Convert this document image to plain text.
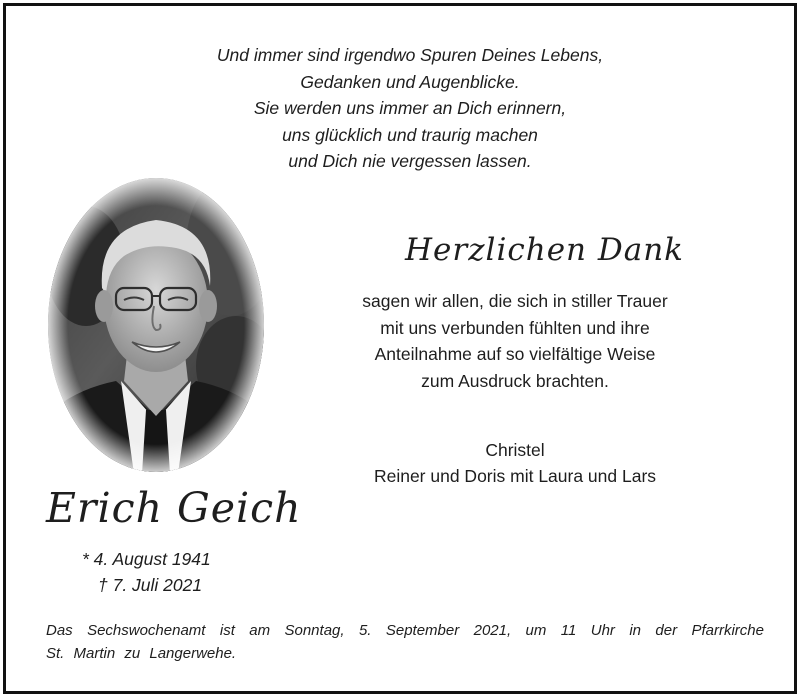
Und immer sind irgendwo Spuren Deines Lebens,
Gedanken und Augenblicke.
Sie werden uns immer an Dich erinnern,
uns glücklich und traurig machen
und Dich nie vergessen lassen.
Herzlichen Dank
sagen wir allen, die sich in stiller Trauer
mit uns verbunden fühlten und ihre
Anteilnahme auf so vielfältige Weise
zum Ausdruck brachten.
Christel
Reiner und Doris mit Laura und Lars
Erich Geich
* 4. August 1941
† 7. Juli 2021
Das Sechswochenamt ist am Sonntag, 5. September 2021, um 11 Uhr in der Pfarrkirche
St. Martin zu Langerwehe.
